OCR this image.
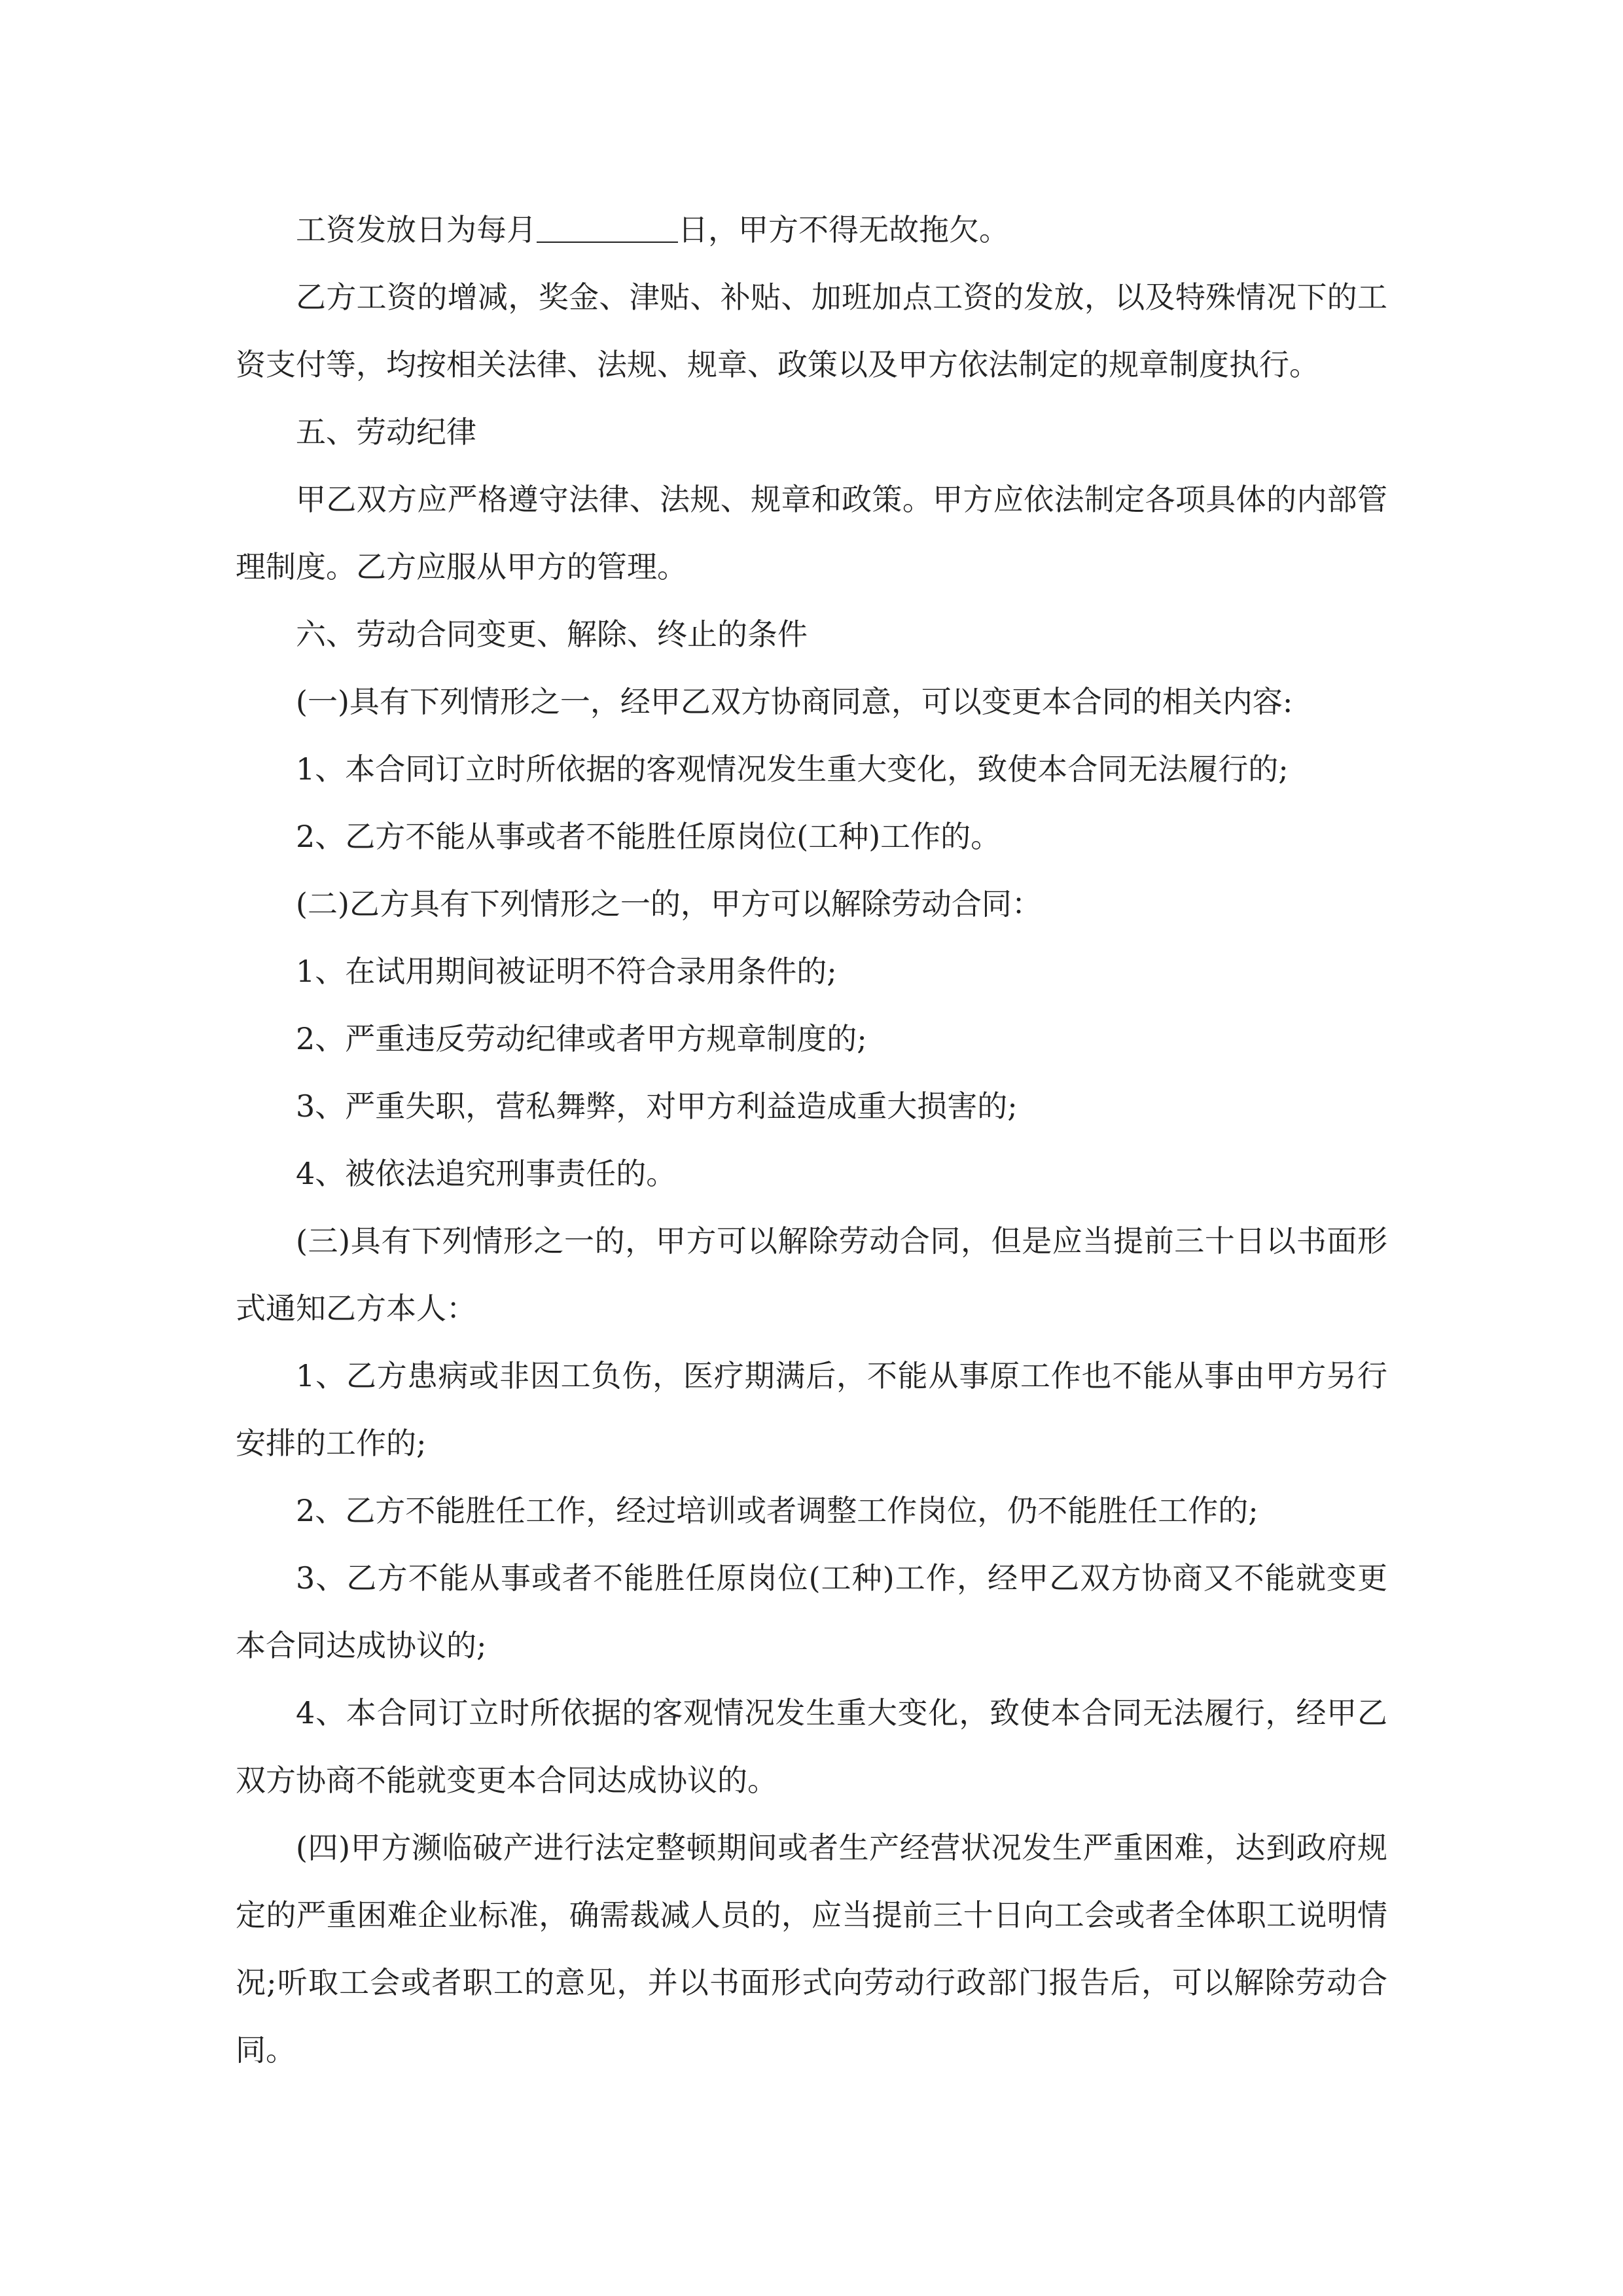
工资发放日为每月	日，甲方不得无故拖欠。

乙方工资的增减，奖金、津贴、补贴、加班加点工资的发放，以及特殊情况下的工资支付等，均按相关法律、法规、规章、政策以及甲方依法制定的规章制度执行。

五、劳动纪律

甲乙双方应严格遵守法律、法规、规章和政策。甲方应依法制定各项具体的内部管理制度。乙方应服从甲方的管理。

六、劳动合同变更、解除、终止的条件

(一)具有下列情形之一，经甲乙双方协商同意，可以变更本合同的相关内容:

1、本合同订立时所依据的客观情况发生重大变化，致使本合同无法履行的;

2、乙方不能从事或者不能胜任原岗位(工种)工作的。

(二)乙方具有下列情形之一的，甲方可以解除劳动合同：

1、在试用期间被证明不符合录用条件的;

2、严重违反劳动纪律或者甲方规章制度的;

3、严重失职，营私舞弊，对甲方利益造成重大损害的;

4、被依法追究刑事责任的。

(三)具有下列情形之一的，甲方可以解除劳动合同，但是应当提前三十日以书面形式通知乙方本人：

1、乙方患病或非因工负伤，医疗期满后，不能从事原工作也不能从事由甲方另行安排的工作的;

2、乙方不能胜任工作，经过培训或者调整工作岗位，仍不能胜任工作的;

3、乙方不能从事或者不能胜任原岗位(工种)工作，经甲乙双方协商又不能就变更本合同达成协议的;

4、本合同订立时所依据的客观情况发生重大变化，致使本合同无法履行，经甲乙双方协商不能就变更本合同达成协议的。

(四)甲方濒临破产进行法定整顿期间或者生产经营状况发生严重困难，达到政府规定的严重困难企业标准，确需裁减人员的，应当提前三十日向工会或者全体职工说明情况;听取工会或者职工的意见，并以书面形式向劳动行政部门报告后，可以解除劳动合同。
